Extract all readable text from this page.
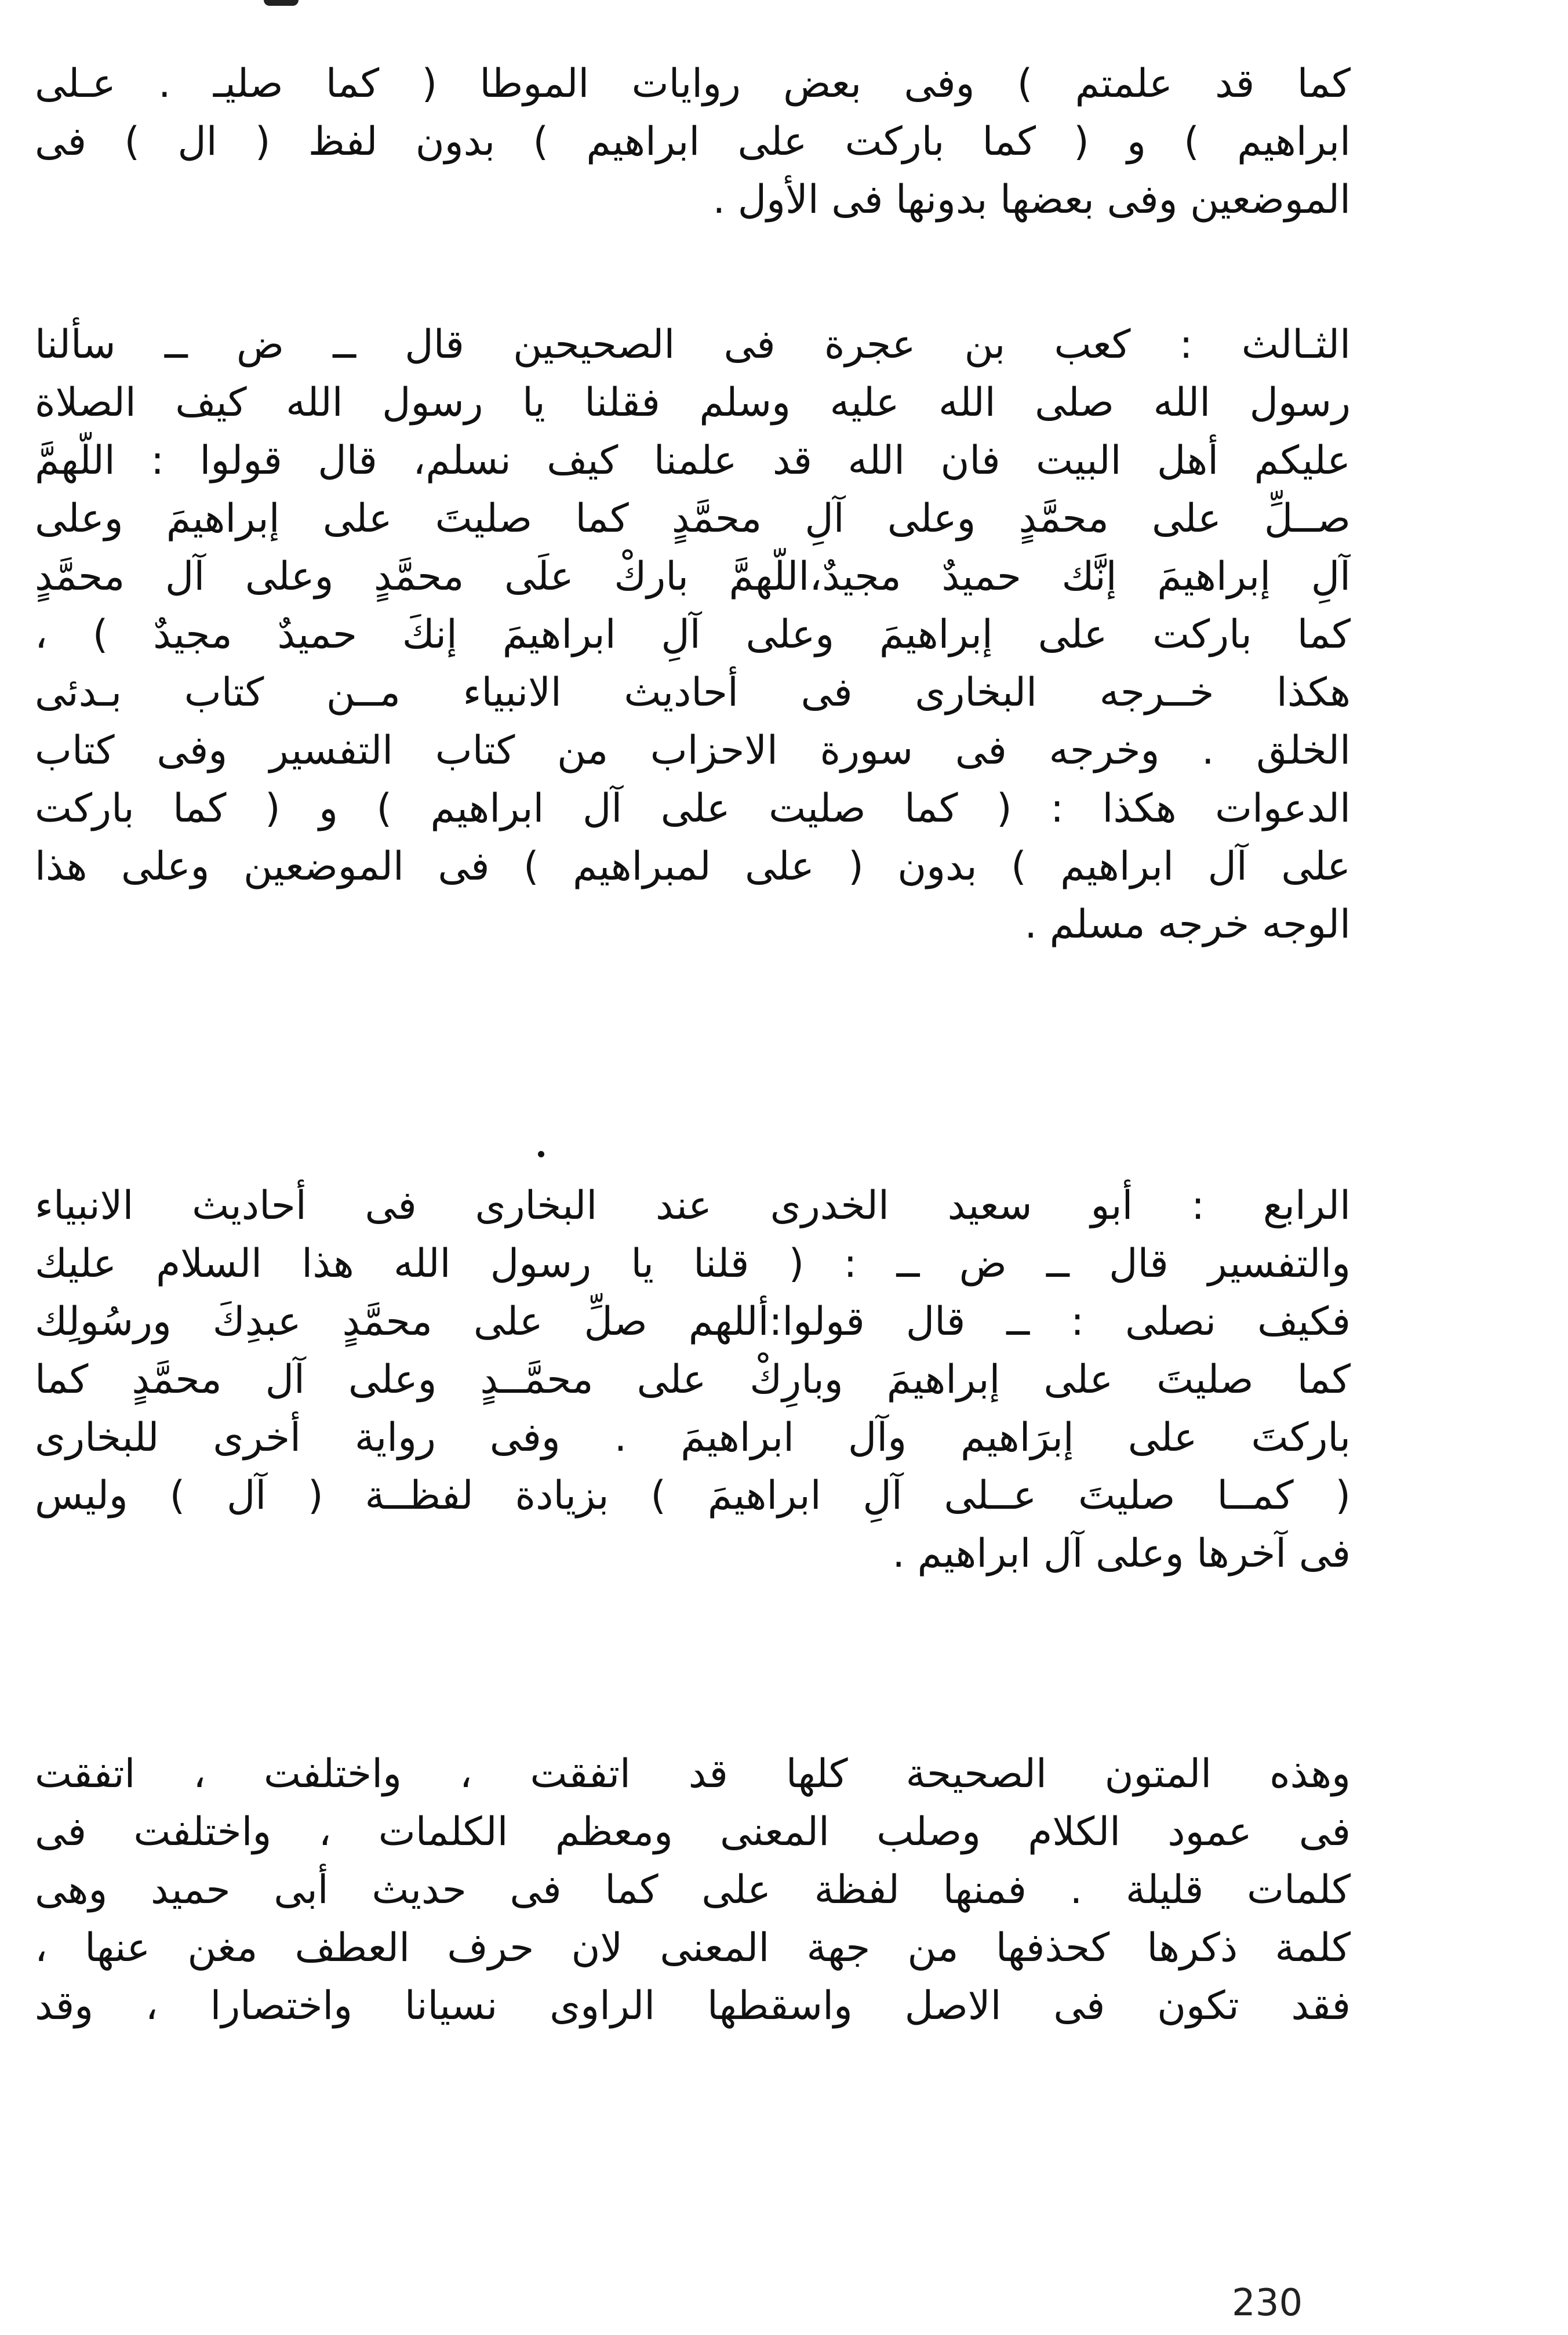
كما قد علمتم ) وفى بعض روايات الموطا ( كما صليـ . عـلى
ابراهيم ) و ( كما باركت على ابراهيم ) بدون لفظ ( ال ) فى
الموضعين وفى بعضها بدونها فى الأول .
الثـالث : كعب بن عجرة فى الصحيحين قال ــ ض ــ سألنا
رسول الله صلى الله عليه وسلم فقلنا يا رسول الله كيف الصلاة
عليكم أهل البيت فان الله قد علمنا كيف نسلم، قال قولوا : اللّهمَّ
صــلِّ على محمَّدٍ وعلى آلِ محمَّدٍ كما صليتَ على إبراهيمَ وعلى
آلِ إبراهيمَ إنَّك حميدٌ مجيدٌ،اللّهمَّ باركْ علَى محمَّدٍ وعلى آل محمَّدٍ
كما باركت على إبراهيمَ وعلى آلِ ابراهيمَ إنكَ حميدٌ مجيدٌ ) ،
هكذا خــرجه البخارى فى أحاديث الانبياء مــن كتاب بـدئى
الخلق . وخرجه فى سورة الاحزاب من كتاب التفسير وفى كتاب
الدعوات هكذا : ( كما صليت على آل ابراهيم ) و ( كما باركت
على آل ابراهيم ) بدون ( على لمبراهيم ) فى الموضعين وعلى هذا
الوجه خرجه مسلم .
الرابع : أبو سعيد الخدرى عند البخارى فى أحاديث الانبياء
والتفسير قال ــ ض ــ : ( قلنا يا رسول الله هذا السلام عليك
فكيف نصلى : ــ قال قولوا:أللهم صلِّ على محمَّدٍ عبدِكَ ورسُولِك
كما صليتَ على إبراهيمَ وبارِكْ على محمَّــدٍ وعلى آل محمَّدٍ كما
باركتَ على إبرَاهيم وآل ابراهيمَ . وفى رواية أخرى للبخارى
( كمــا صليتَ عــلى آلِ ابراهيمَ ) بزيادة لفظــة ( آل ) وليس
فى آخرها وعلى آل ابراهيم .
وهذه المتون الصحيحة كلها قد اتفقت ، واختلفت ، اتفقت
فى عمود الكلام وصلب المعنى ومعظم الكلمات ، واختلفت فى
كلمات قليلة . فمنها لفظة على كما فى حديث أبى حميد وهى
كلمة ذكرها كحذفها من جهة المعنى لان حرف العطف مغن عنها ،
فقد تكون فى الاصل واسقطها الراوى نسيانا واختصارا ، وقد
230
